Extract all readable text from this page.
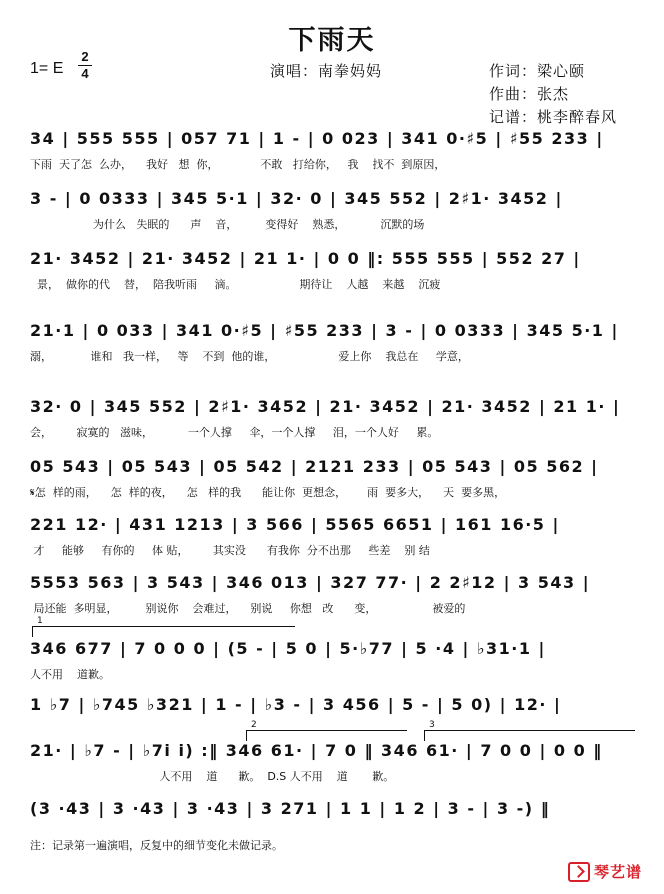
下雨天
1= E
2
4	演唱：南拳妈妈	作词：梁心颐
作曲：张杰
记谱：桃李醉春风
34 | 555 555 | 057 71 | 1 - | 0 023 | 341 0·♯5 | ♯55 233 |
下雨  天了怎  么办，    我好   想  你，            不敢   打给你，   我    找不  到原因，
3 - | 0 0333 | 345 5·1 | 32· 0 | 345 552 | 2♯1· 3452 |
为什么   失眠的      声    音，        变得好    熟悉，          沉默的场
21· 3452 | 21· 3452 | 21 1· | 0 0 ‖: 555 555 | 552 27 |
景，  做你的代    替，  陪我听雨     滴。                  期待让    人越    来越    沉疲
21·1 | 0 033 | 341 0·♯5 | ♯55 233 | 3 - | 0 0333 | 345 5·1 |
溺，           谁和   我一样，   等    不到  他的谁，                  爱上你    我总在     学意，
32· 0 | 345 552 | 2♯1· 3452 | 21· 3452 | 21· 3452 | 21 1· |
会，       寂寞的   滋味，          一个人撑     伞，一个人撑     泪，一个人好     累。
05 543 | 05 543 | 05 542 | 2121 233 | 05 543 | 05 562 |
𝄋怎  样的雨，    怎  样的夜，    怎   样的我      能让你  更想念，      雨  要多大，    天  要多黑，
221 12· | 431 1213 | 3 566 | 5565 6651 | 161 16·5 |
才     能够     有你的     体 贴，       其实没      有我你  分不出那     些差    别 结
5553 563 | 3 543 | 346 013 | 327 77· | 2 2♯12 | 3 543 |
局还能  多明显，        别说你    会难过，    别说     你想   改      变，                被爱的
1
346 677 | 7 0 0 0 | (5 - | 5 0 | 5·♭77 | 5 ·4 | ♭31·1 |
人不用    道歉。
1 ♭7 | ♭745 ♭321 | 1 - | ♭3 - | 3 456 | 5 - | 5 0) | 12· |
2	3
21· | ♭7 - | ♭7i i) :‖ 346 61· | 7 0 ‖ 346 61· | 7 0 0 | 0 0 ‖
人不用    道      歉。  D.S 人不用    道       歉。
(3 ·43 | 3 ·43 | 3 ·43 | 3 271 | 1 1 | 1 2 | 3 - | 3 -) ‖
注：记录第一遍演唱，反复中的细节变化未做记录。
琴艺谱
